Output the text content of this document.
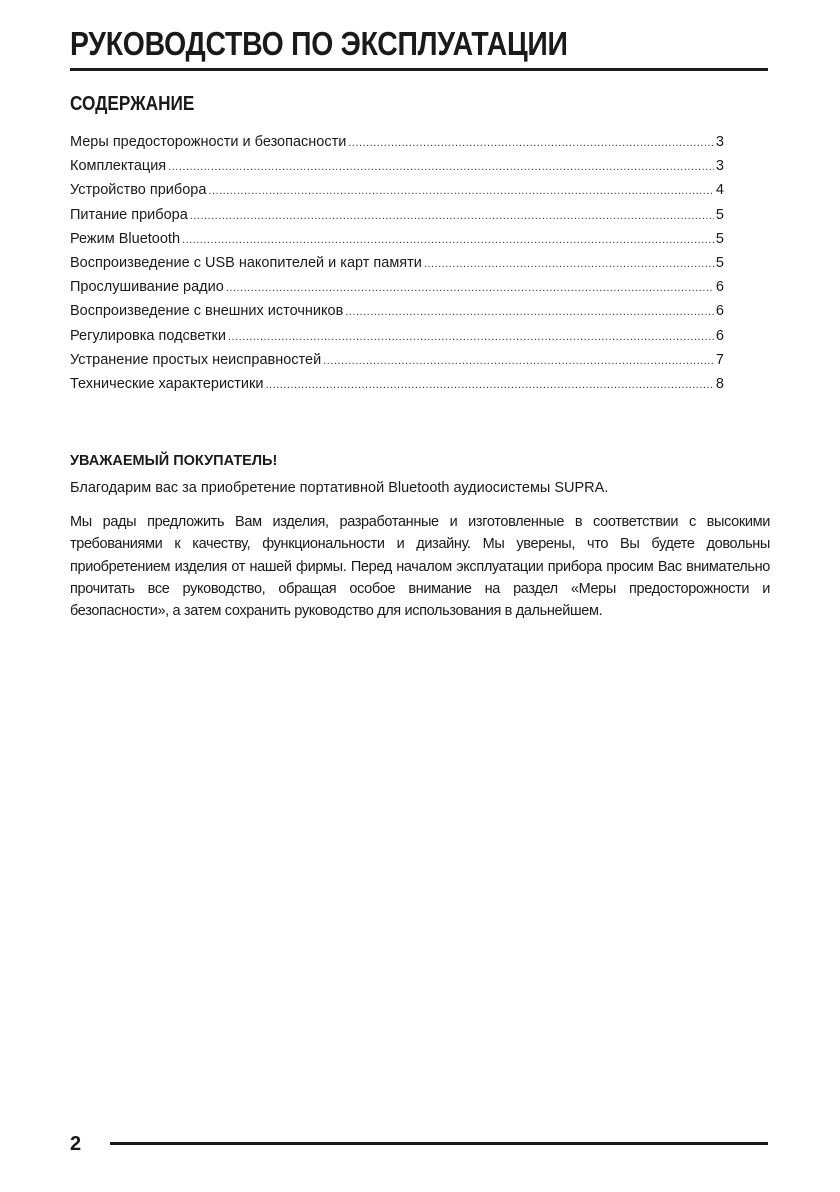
РУКОВОДСТВО ПО ЭКСПЛУАТАЦИИ
СОДЕРЖАНИЕ
Меры предосторожности и безопасности .....	3
Комплектация .....	3
Устройство прибора .....	4
Питание прибора .....	5
Режим Bluetooth .....	5
Воспроизведение с USB накопителей и карт памяти .....	5
Прослушивание радио .....	6
Воспроизведение с внешних источников .....	6
Регулировка подсветки .....	6
Устранение простых неисправностей .....	7
Технические характеристики .....	8

УВАЖАЕМЫЙ ПОКУПАТЕЛЬ!

Благодарим вас за приобретение портативной Bluetooth аудиосистемы SUPRA.

Мы рады предложить Вам изделия, разработанные и изготовленные в соответствии с высокими требованиями к качеству, функциональности и дизайну. Мы уверены, что Вы будете довольны приобретением изделия от нашей фирмы. Перед началом эксплуатации прибора просим Вас внимательно прочитать все руководство, обращая особое внимание на раздел «Меры предосторожности и безопасности», а затем сохранить руководство для использования в дальнейшем.

2
